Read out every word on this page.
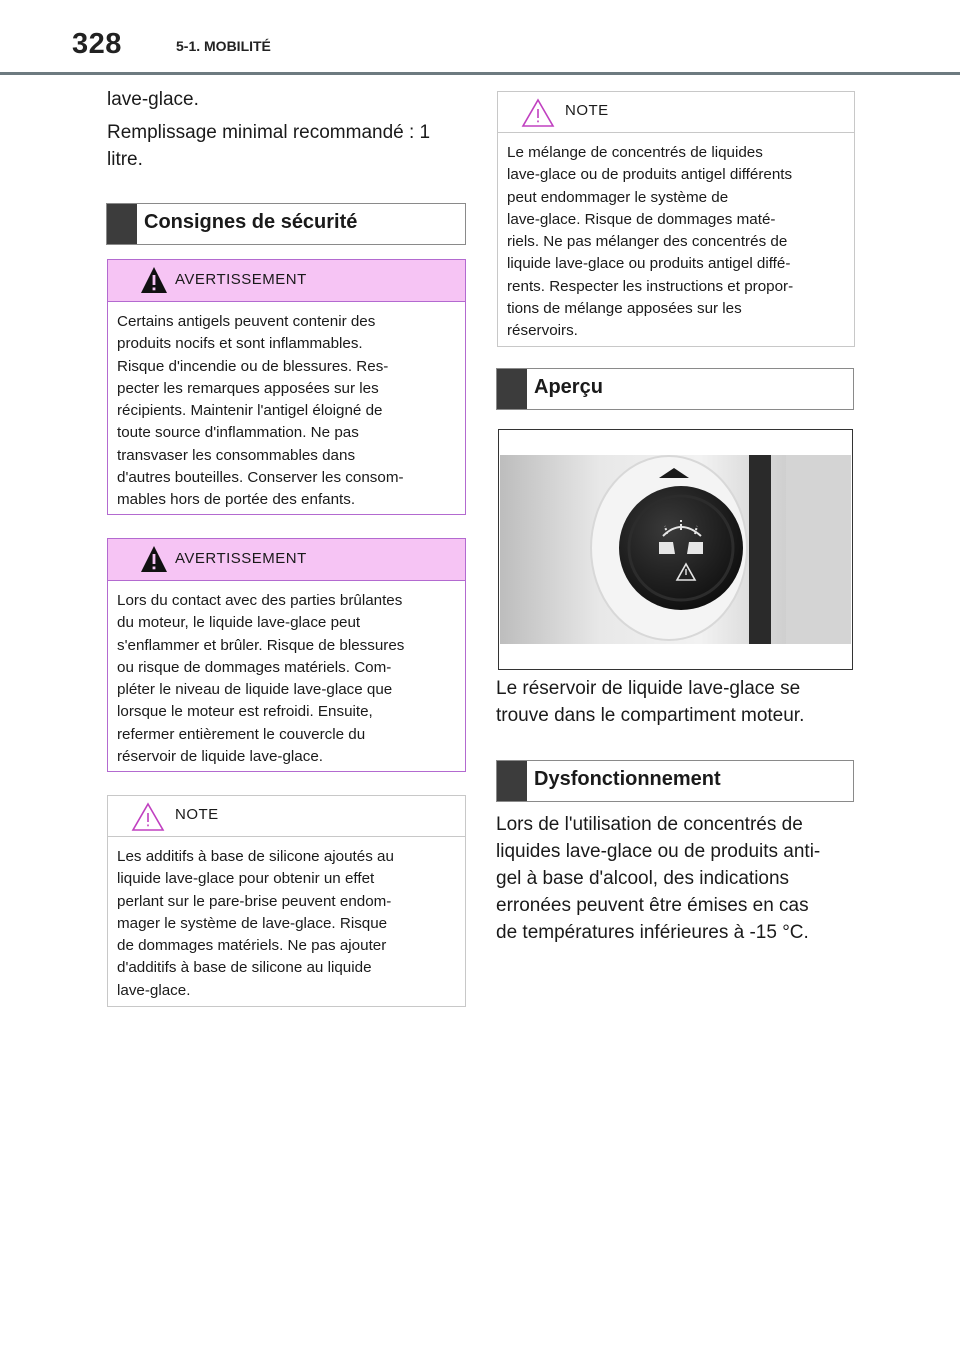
328	5-1. MOBILITÉ

lave-glace.

Remplissage minimal recommandé : 1

litre.

Consignes de sécurité
AVERTISSEMENT
Certains antigels peuvent contenir des
produits nocifs et sont inflammables.
Risque d'incendie ou de blessures. Res-
pecter les remarques apposées sur les
récipients. Maintenir l'antigel éloigné de
toute source d'inflammation. Ne pas
transvaser les consommables dans
d'autres bouteilles. Conserver les consom-
mables hors de portée des enfants.
AVERTISSEMENT
Lors du contact avec des parties brûlantes
du moteur, le liquide lave-glace peut
s'enflammer et brûler. Risque de blessures
ou risque de dommages matériels. Com-
pléter le niveau de liquide lave-glace que
lorsque le moteur est refroidi. Ensuite,
refermer entièrement le couvercle du
réservoir de liquide lave-glace.
NOTE
Les additifs à base de silicone ajoutés au
liquide lave-glace pour obtenir un effet
perlant sur le pare-brise peuvent endom-
mager le système de lave-glace. Risque
de dommages matériels. Ne pas ajouter
d'additifs à base de silicone au liquide
lave-glace.
NOTE
Le mélange de concentrés de liquides
lave-glace ou de produits antigel différents
peut endommager le système de
lave-glace. Risque de dommages maté-
riels. Ne pas mélanger des concentrés de
liquide lave-glace ou produits antigel diffé-
rents. Respecter les instructions et propor-
tions de mélange apposées sur les
réservoirs.
Aperçu

Le réservoir de liquide lave-glace se

trouve dans le compartiment moteur.

Dysfonctionnement

Lors de l'utilisation de concentrés de

liquides lave-glace ou de produits anti-

gel à base d'alcool, des indications

erronées peuvent être émises en cas

de températures inférieures à -15 °C.
